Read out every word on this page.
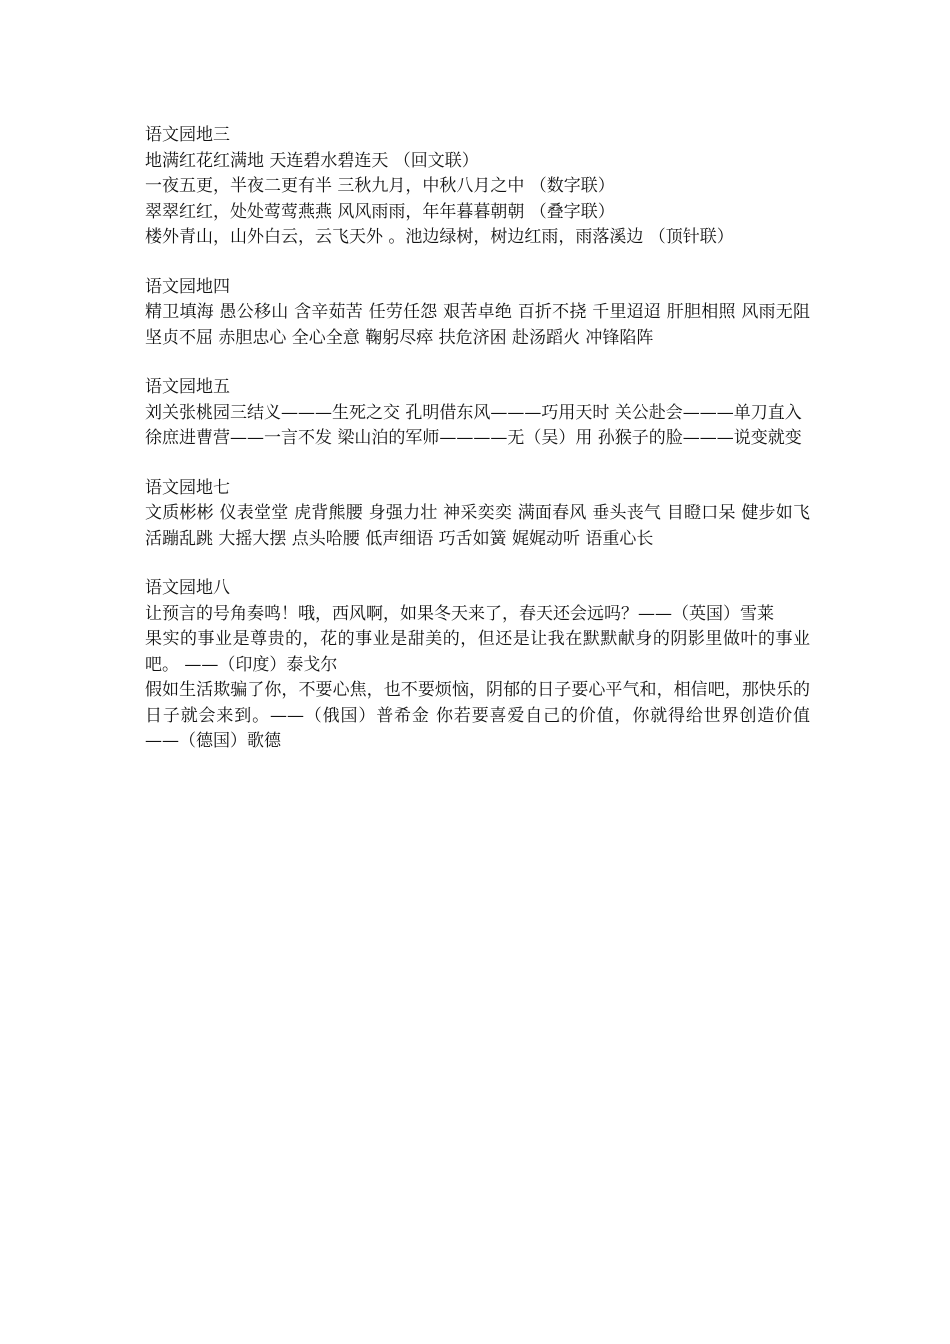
语文园地三
地满红花红满地 天连碧水碧连天 （回文联）
一夜五更，半夜二更有半 三秋九月，中秋八月之中 （数字联）
翠翠红红，处处莺莺燕燕 风风雨雨，年年暮暮朝朝 （叠字联）
楼外青山，山外白云，云飞天外 。池边绿树，树边红雨，雨落溪边 （顶针联）
语文园地四
精卫填海 愚公移山 含辛茹苦 任劳任怨 艰苦卓绝 百折不挠 千里迢迢 肝胆相照 风雨无阻 坚贞不屈 赤胆忠心 全心全意 鞠躬尽瘁 扶危济困 赴汤蹈火 冲锋陷阵
语文园地五
刘关张桃园三结义———生死之交 孔明借东风———巧用天时 关公赴会———单刀直入
徐庶进曹营——一言不发 梁山泊的军师————无（吴）用 孙猴子的脸———说变就变
语文园地七
文质彬彬 仪表堂堂 虎背熊腰 身强力壮 神采奕奕 满面春风 垂头丧气 目瞪口呆 健步如飞 活蹦乱跳 大摇大摆 点头哈腰 低声细语 巧舌如簧 娓娓动听 语重心长
语文园地八
让预言的号角奏鸣！哦，西风啊，如果冬天来了，春天还会远吗？——（英国）雪莱
果实的事业是尊贵的，花的事业是甜美的，但还是让我在默默献身的阴影里做叶的事业吧。 ——（印度）泰戈尔
假如生活欺骗了你，不要心焦，也不要烦恼，阴郁的日子要心平气和，相信吧，那快乐的日子就会来到。——（俄国）普希金 你若要喜爱自己的价值，你就得给世界创造价值——（德国）歌德
